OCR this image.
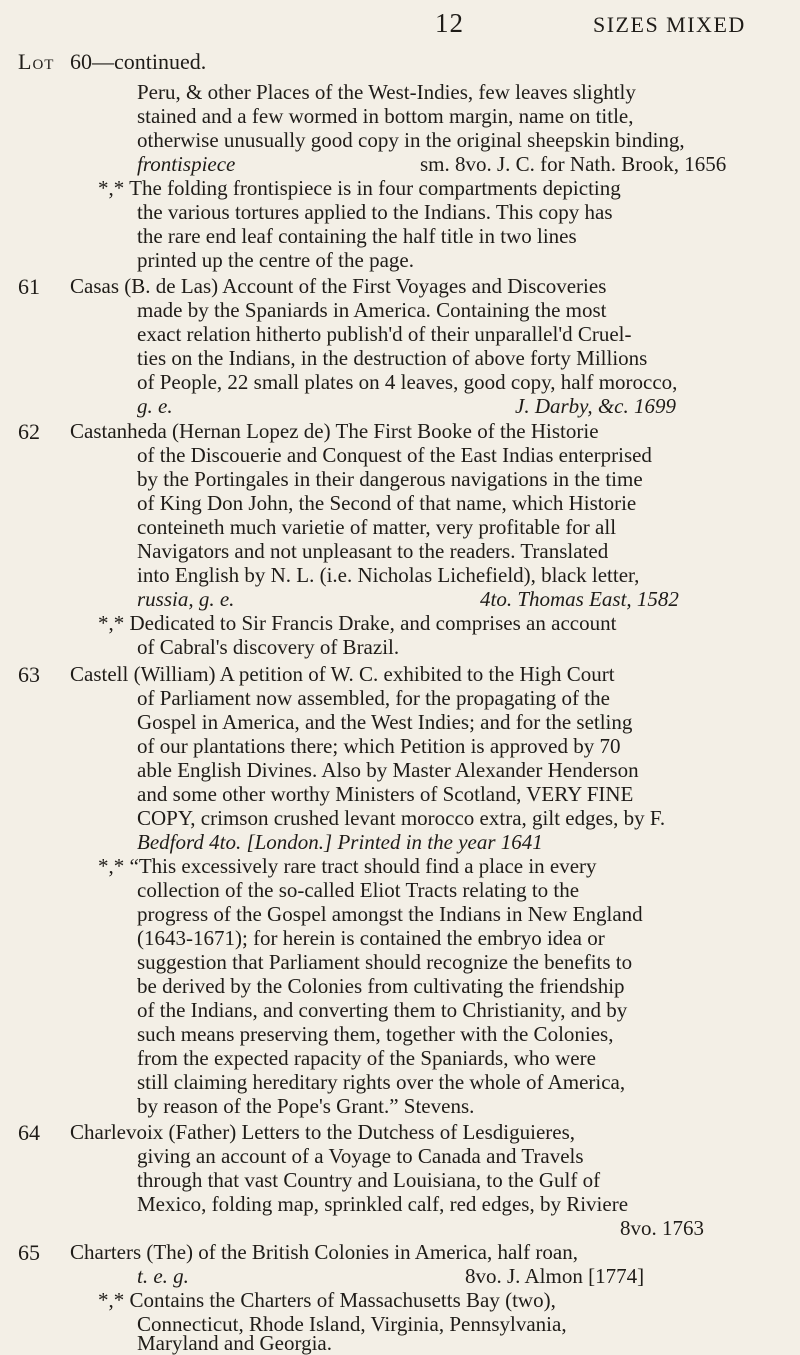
12	SIZES MIXED
Lot 60—continued.
Peru, & other Places of the West-Indies, few leaves slightly
stained and a few wormed in bottom margin, name on title,
otherwise unusually good copy in the original sheepskin binding,
frontispiece	sm. 8vo. J. C. for Nath. Brook, 1656
*,* The folding frontispiece is in four compartments depicting
the various tortures applied to the Indians. This copy has
the rare end leaf containing the half title in two lines
printed up the centre of the page.
61 Casas (B. de Las) Account of the First Voyages and Discoveries
made by the Spaniards in America. Containing the most
exact relation hitherto publish'd of their unparallel'd Cruel-
ties on the Indians, in the destruction of above forty Millions
of People, 22 small plates on 4 leaves, good copy, half morocco,
g. e.	J. Darby, &c. 1699
62 Castanheda (Hernan Lopez de) The First Booke of the Historie
of the Discouerie and Conquest of the East Indias enterprised
by the Portingales in their dangerous navigations in the time
of King Don John, the Second of that name, which Historie
conteineth much varietie of matter, very profitable for all
Navigators and not unpleasant to the readers. Translated
into English by N. L. (i.e. Nicholas Lichefield), black letter,
russia, g. e.	4to. Thomas East, 1582
*,* Dedicated to Sir Francis Drake, and comprises an account
of Cabral's discovery of Brazil.
63 Castell (William) A petition of W. C. exhibited to the High Court
of Parliament now assembled, for the propagating of the
Gospel in America, and the West Indies; and for the setling
of our plantations there; which Petition is approved by 70
able English Divines. Also by Master Alexander Henderson
and some other worthy Ministers of Scotland, VERY FINE
COPY, crimson crushed levant morocco extra, gilt edges, by F.
Bedford 4to. [London.] Printed in the year 1641
*,* “This excessively rare tract should find a place in every
collection of the so-called Eliot Tracts relating to the
progress of the Gospel amongst the Indians in New England
(1643-1671); for herein is contained the embryo idea or
suggestion that Parliament should recognize the benefits to
be derived by the Colonies from cultivating the friendship
of the Indians, and converting them to Christianity, and by
such means preserving them, together with the Colonies,
from the expected rapacity of the Spaniards, who were
still claiming hereditary rights over the whole of America,
by reason of the Pope's Grant.” Stevens.
64 Charlevoix (Father) Letters to the Dutchess of Lesdiguieres,
giving an account of a Voyage to Canada and Travels
through that vast Country and Louisiana, to the Gulf of
Mexico, folding map, sprinkled calf, red edges, by Riviere
8vo. 1763
65 Charters (The) of the British Colonies in America, half roan,
t. e. g.	8vo. J. Almon [1774]
*,* Contains the Charters of Massachusetts Bay (two),
Connecticut, Rhode Island, Virginia, Pennsylvania,
Maryland and Georgia.
